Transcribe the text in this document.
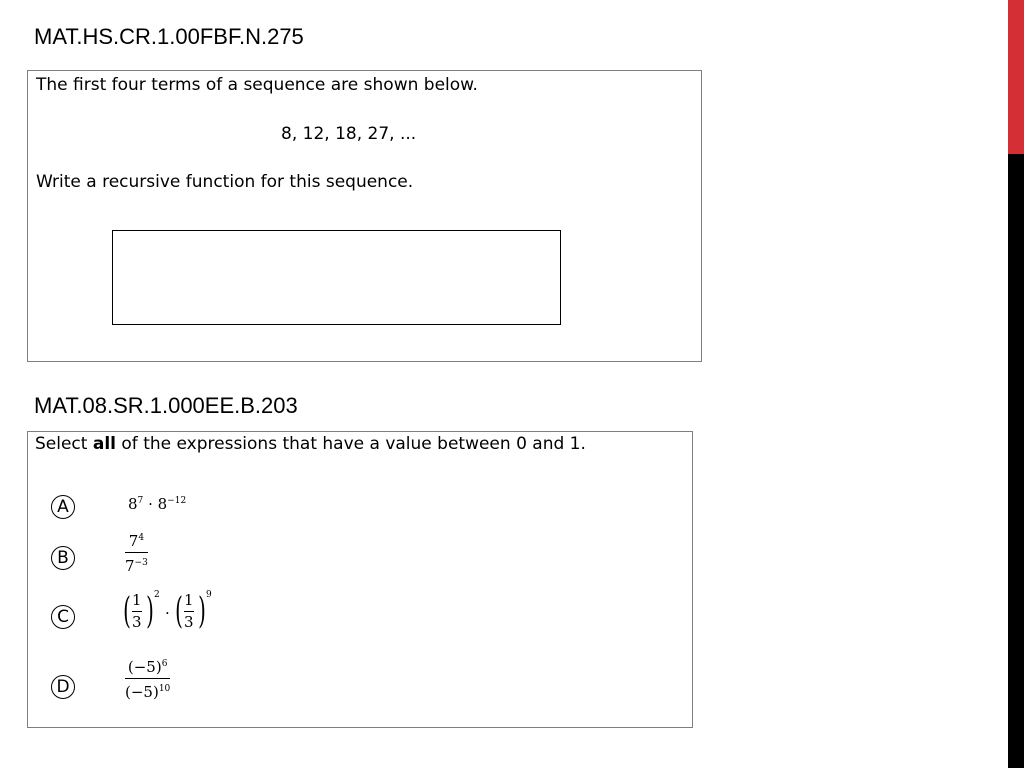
MAT.HS.CR.1.00FBF.N.275
The first four terms of a sequence are shown below.
8, 12, 18, 27, ...
Write a recursive function for this sequence.
MAT.08.SR.1.000EE.B.203
Select all of the expressions that have a value between 0 and 1.
A	$8^7 \cdot 8^{-12}$
B
$7^4$
$7^{-3}$
C ( 1
3 ) 2
· ( 1
3 ) 9
D
$(-5)^6$
$(-5)^{10}$
